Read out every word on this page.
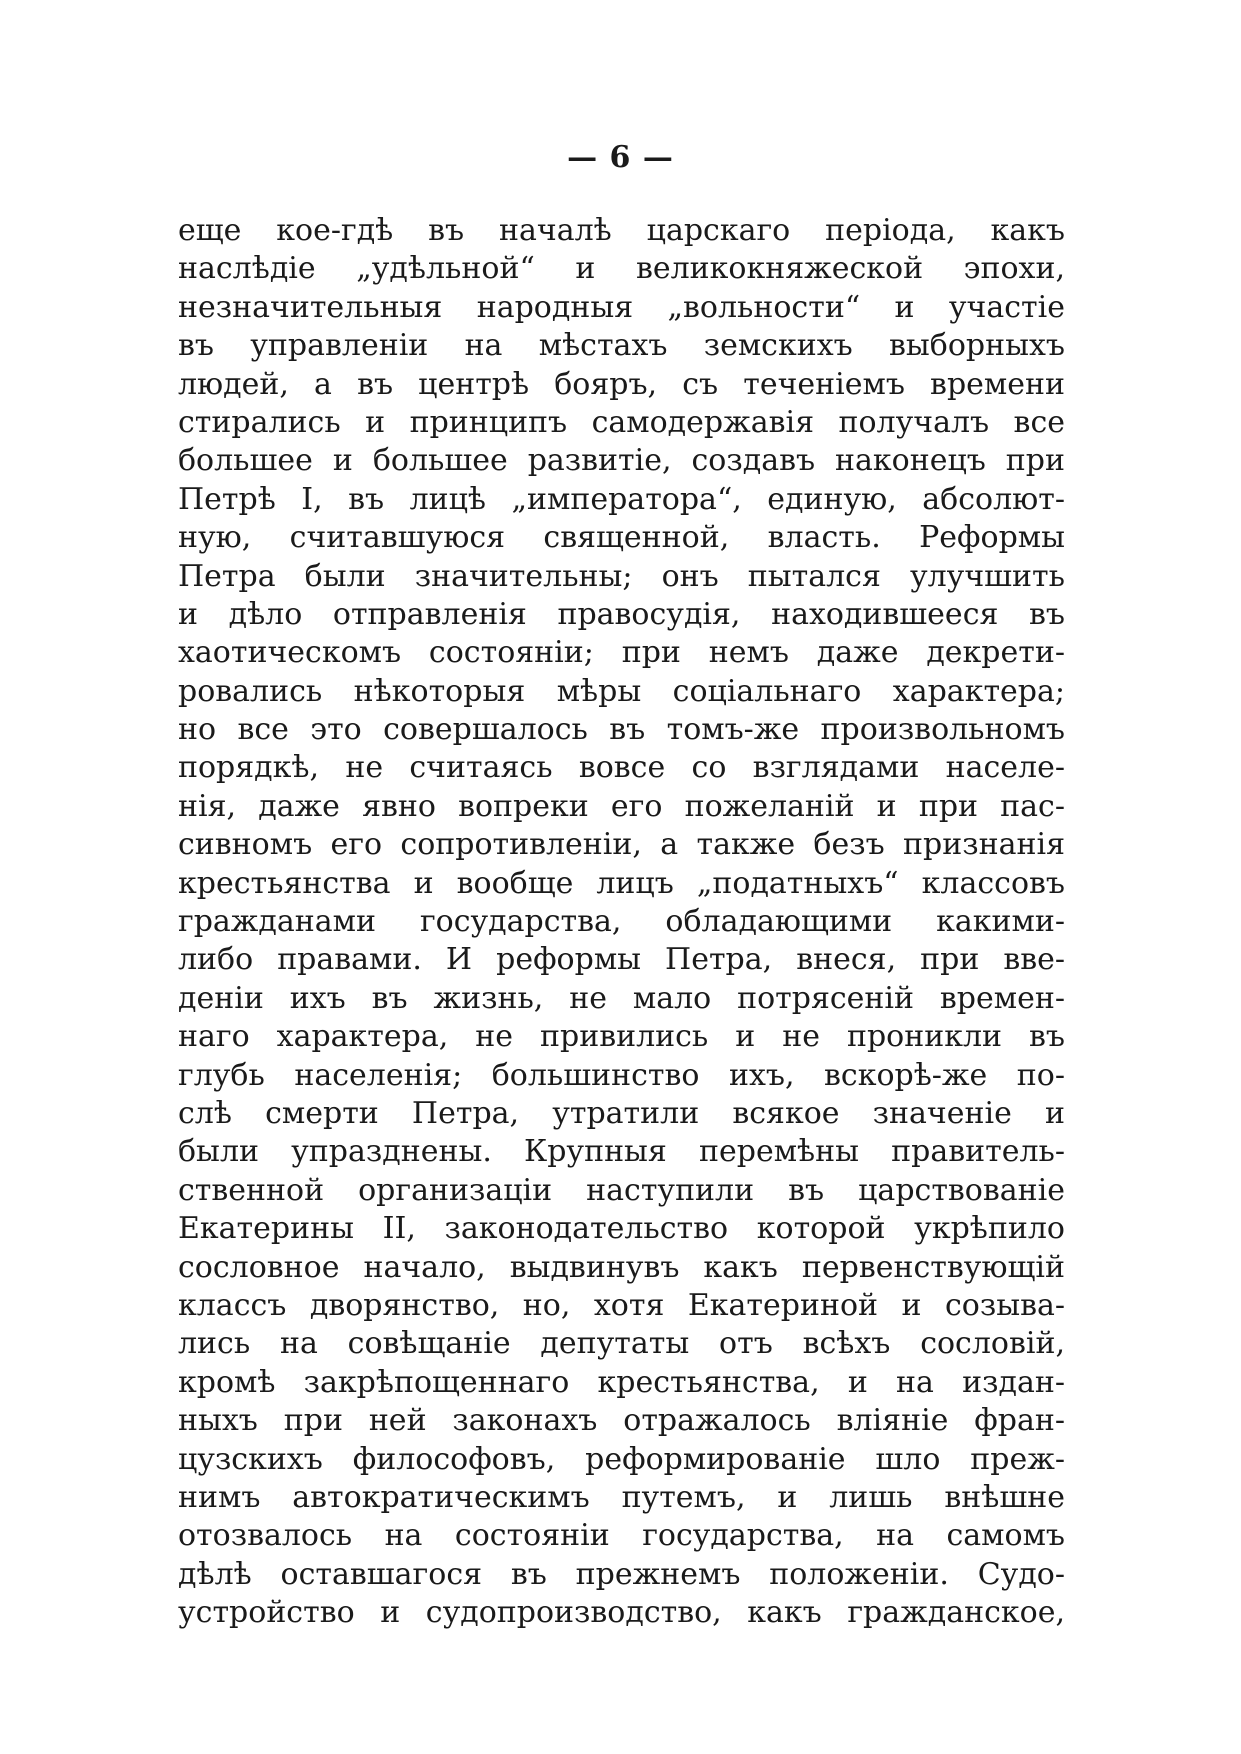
— 6 —
еще кое-гдѣ въ началѣ царскаго періода, какъ
наслѣдіе „удѣльной“ и великокняжеской эпохи,
незначительныя народныя „вольности“ и участіе
въ управленіи на мѣстахъ земскихъ выборныхъ
людей, а въ центрѣ бояръ, съ теченіемъ времени
стирались и принципъ самодержавія получалъ все
большее и большее развитіе, создавъ наконецъ при
Петрѣ I, въ лицѣ „императора“, единую, абсолют-
ную, считавшуюся священной, власть. Реформы
Петра были значительны; онъ пытался улучшить
и дѣло отправленія правосудія, находившееся въ
хаотическомъ состояніи; при немъ даже декрети-
ровались нѣкоторыя мѣры соціальнаго характера;
но все это совершалось въ томъ-же произвольномъ
порядкѣ, не считаясь вовсе со взглядами населе-
нія, даже явно вопреки его пожеланій и при пас-
сивномъ его сопротивленіи, а также безъ признанія
крестьянства и вообще лицъ „податныхъ“ классовъ
гражданами государства, обладающими какими-
либо правами. И реформы Петра, внеся, при вве-
деніи ихъ въ жизнь, не мало потрясеній времен-
наго характера, не привились и не проникли въ
глубь населенія; большинство ихъ, вскорѣ-же по-
слѣ смерти Петра, утратили всякое значеніе и
были упразднены. Крупныя перемѣны правитель-
ственной организаціи наступили въ царствованіе
Екатерины II, законодательство которой укрѣпило
сословное начало, выдвинувъ какъ первенствующій
классъ дворянство, но, хотя Екатериной и созыва-
лись на совѣщаніе депутаты отъ всѣхъ сословій,
кромѣ закрѣпощеннаго крестьянства, и на издан-
ныхъ при ней законахъ отражалось вліяніе фран-
цузскихъ философовъ, реформированіе шло преж-
нимъ автократическимъ путемъ, и лишь внѣшне
отозвалось на состояніи государства, на самомъ
дѣлѣ оставшагося въ прежнемъ положеніи. Судо-
устройство и судопроизводство, какъ гражданское,
